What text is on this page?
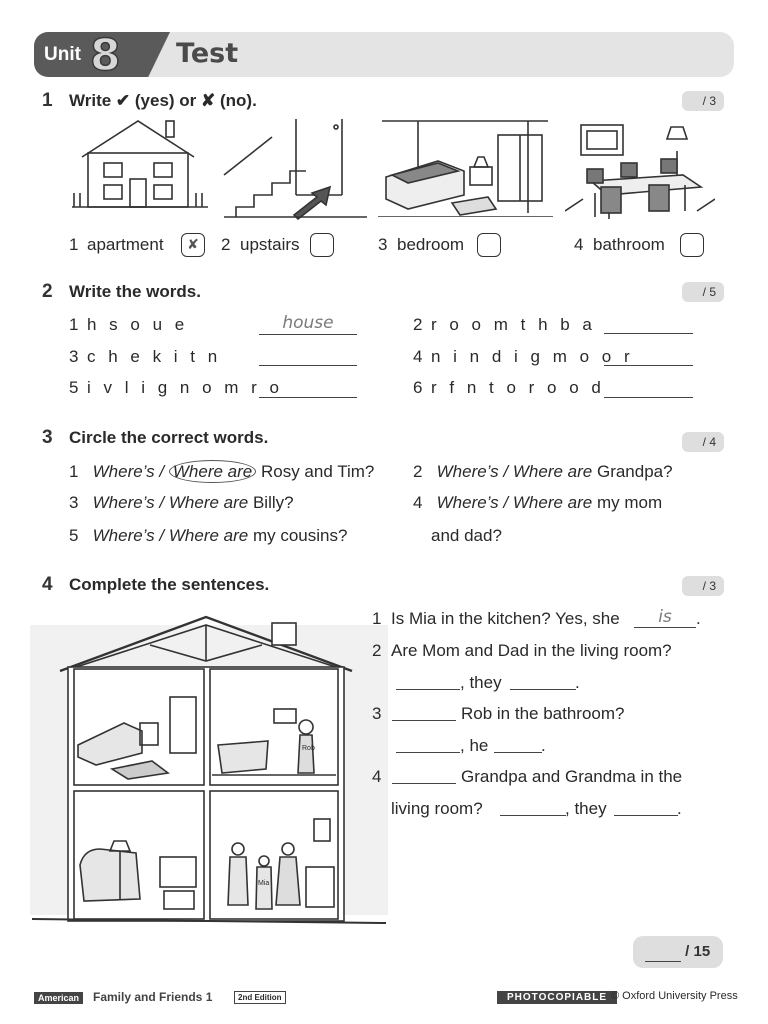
Unit 8 Test
1 Write ✔ (yes) or ✘ (no).	/ 3
1 apartment	✘	2 upstairs	3 bedroom	4 bathroom
2 Write the words.	/ 5
1 h s o u e	house	2 r o o m t h b a
3 c h e k i t n	4 n i n d i g m o o r
5 i v l i g n o m r o	6 r f n t o r o o d
3 Circle the correct words.	/ 4
1 Where’s / Where are Rosy and Tim? 2 Where’s / Where are Grandpa?
3 Where’s / Where are Billy?	4 Where’s / Where are my mom
and dad?
5 Where’s / Where are my cousins?
4 Complete the sentences.	/ 3
Rob
Mia
1 Is Mia in the kitchen? Yes, she	is	.
2 Are Mom and Dad in the living room?
, they	.
3	Rob in the bathroom?
, he	.
4	Grandpa and Grandma in the
living room?	, they	.
/ 15
American	Family and Friends 1	2nd Edition	PHOTOCOPIABLE © Oxford University Press
